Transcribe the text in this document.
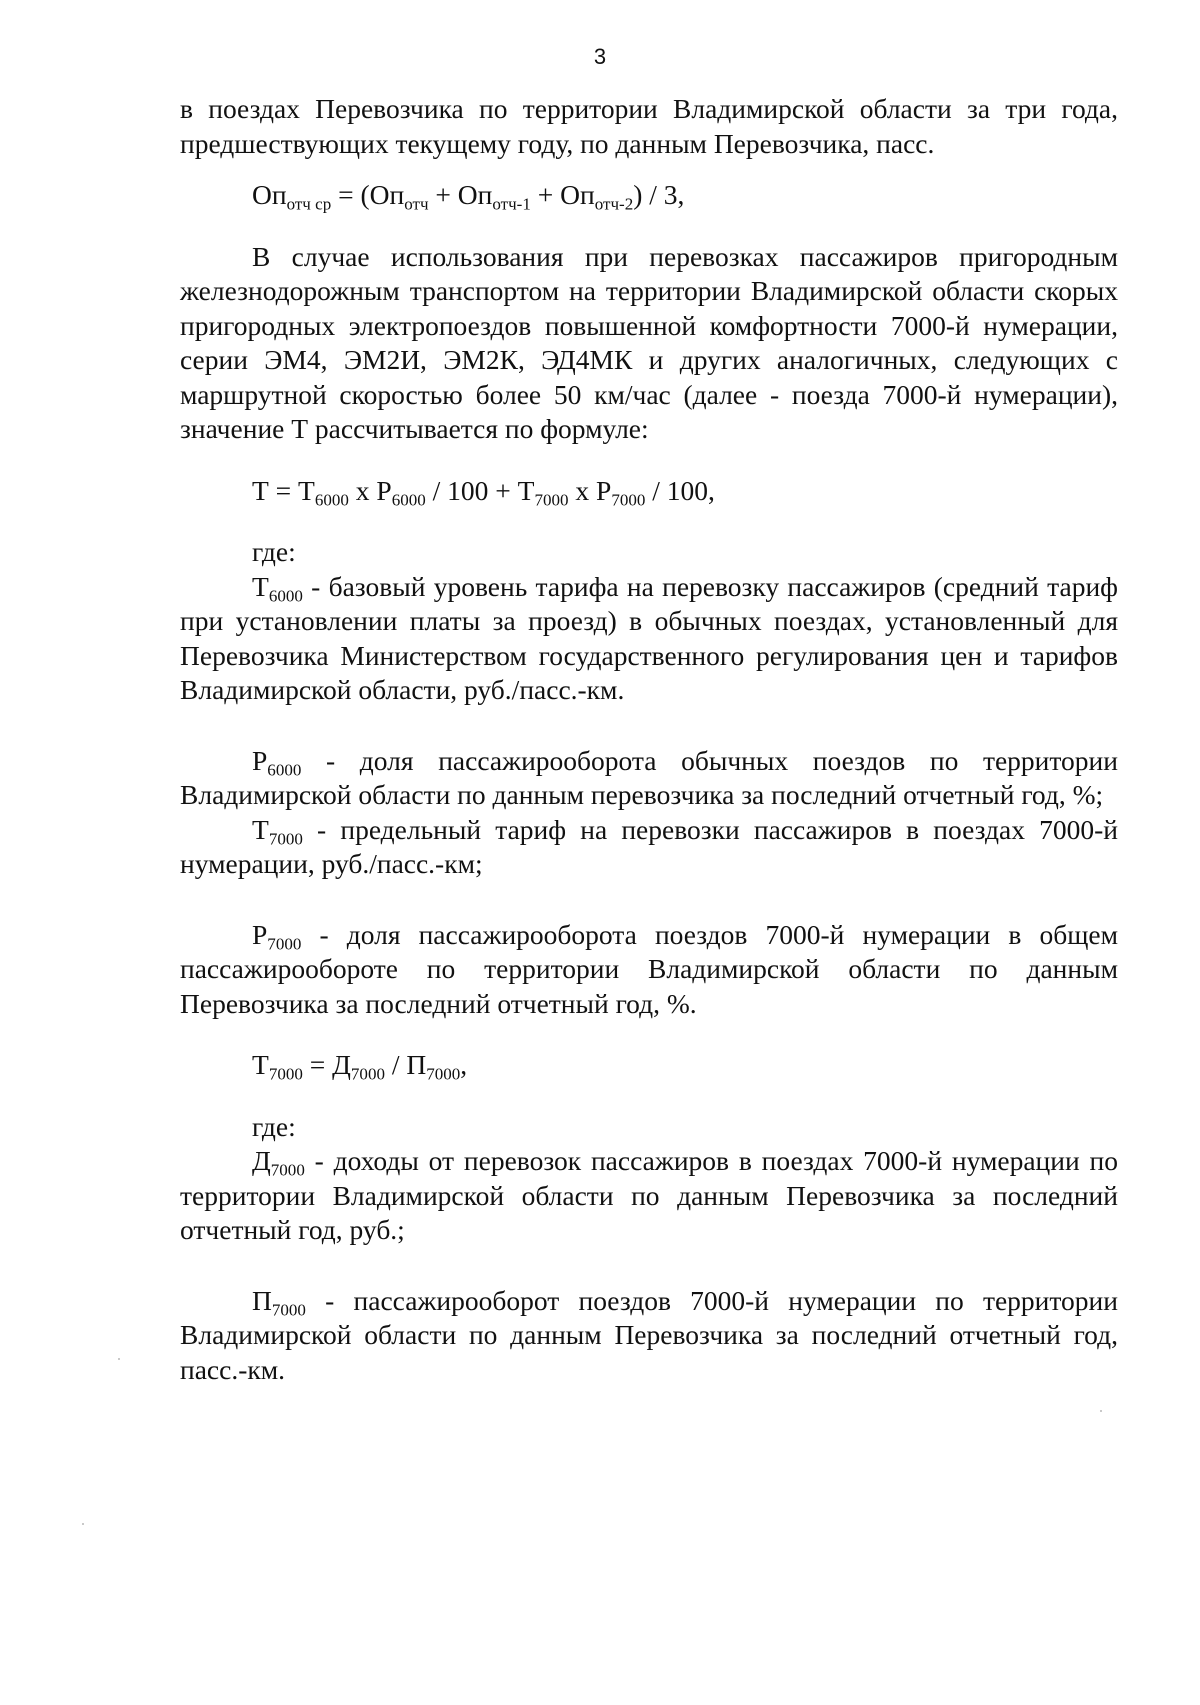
3

в поездах Перевозчика по территории Владимирской области за три года, предшествующих текущему году, по данным Перевозчика, пасс.

$Оп_{отч ср} = (Оп_{отч} + Оп_{отч-1} + Оп_{отч-2}) / 3$,

В случае использования при перевозках пассажиров пригородным железнодорожным транспортом на территории Владимирской области скорых пригородных электропоездов повышенной комфортности 7000-й нумерации, серии ЭМ4, ЭМ2И, ЭМ2К, ЭД4МК и других аналогичных, следующих с маршрутной скоростью более 50 км/час (далее - поезда 7000-й нумерации), значение Т рассчитывается по формуле:

$Т = Т_{6000}$ х $Р_{6000} / 100 + Т_{7000}$ х $Р_{7000} / 100$,

где:

$Т_{6000}$ - базовый уровень тарифа на перевозку пассажиров (средний тариф при установлении платы за проезд) в обычных поездах, установленный для Перевозчика Министерством государственного регулирования цен и тарифов Владимирской области, руб./пасс.-км.

$Р_{6000}$ - доля пассажирооборота обычных поездов по территории Владимирской области по данным перевозчика за последний отчетный год, %;

$Т_{7000}$ - предельный тариф на перевозки пассажиров в поездах 7000-й нумерации, руб./пасс.-км;

$Р_{7000}$ - доля пассажирооборота поездов 7000-й нумерации в общем пассажирообороте по территории Владимирской области по данным Перевозчика за последний отчетный год, %.

$Т_{7000} = Д_{7000} / П_{7000}$,

где:

$Д_{7000}$ - доходы от перевозок пассажиров в поездах 7000-й нумерации по территории Владимирской области по данным Перевозчика за последний отчетный год, руб.;

$П_{7000}$ - пассажирооборот поездов 7000-й нумерации по территории Владимирской области по данным Перевозчика за последний отчетный год, пасс.-км.
